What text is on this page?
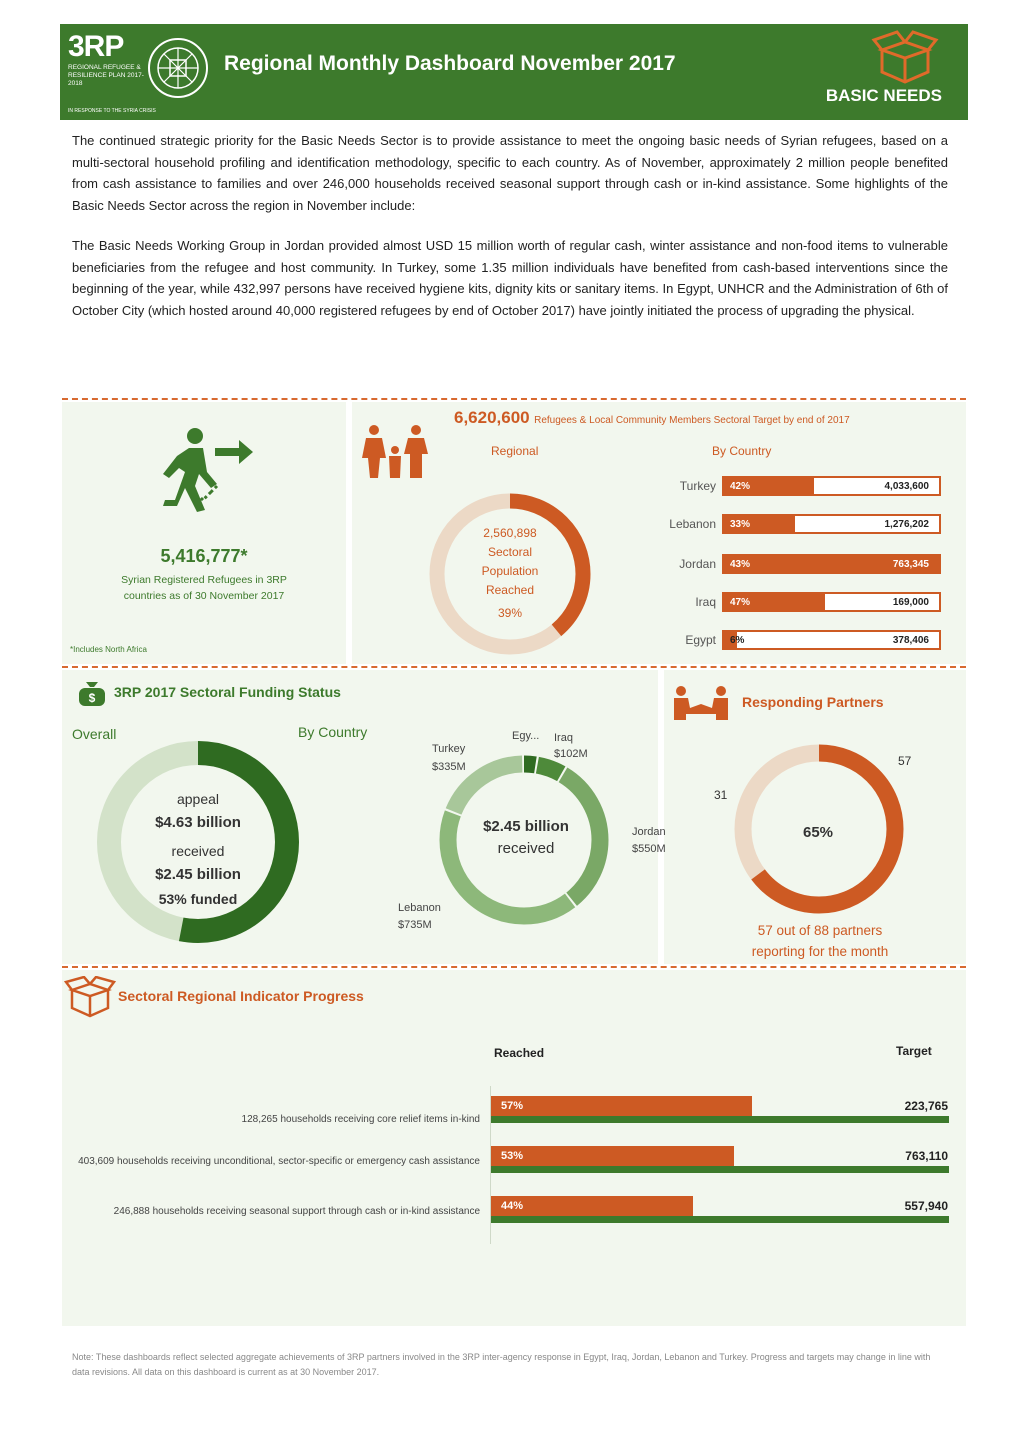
3RP
REGIONAL REFUGEE & RESILIENCE PLAN 2017-2018
IN RESPONSE TO THE SYRIA CRISIS
Regional Monthly Dashboard November 2017
BASIC NEEDS

The continued strategic priority for the Basic Needs Sector is to provide assistance to meet the ongoing basic needs of Syrian refugees, based on a multi-sectoral household profiling and identification methodology, specific to each country. As of November, approximately 2 million people benefited from cash assistance to families and over 246,000 households received seasonal support through cash or in-kind assistance. Some highlights of the Basic Needs Sector across the region in November include:

The Basic Needs Working Group in Jordan provided almost USD 15 million worth of regular cash, winter assistance and non-food items to vulnerable beneficiaries from the refugee and host community. In Turkey, some 1.35 million individuals have benefited from cash-based interventions since the beginning of the year, while 432,997 persons have received hygiene kits, dignity kits or sanitary items. In Egypt, UNHCR and the Administration of 6th of October City (which hosted around 40,000 registered refugees by end of October 2017) have jointly initiated the process of upgrading the physical.

5,416,777*
Syrian Registered Refugees in 3RP countries as of 30 November 2017
*Includes North Africa
6,620,600 Refugees & Local Community Members Sectoral Target by end of 2017
Regional	By Country
2,560,898
Sectoral Population Reached
39%
Turkey 42%	4,033,600
Lebanon 33%	1,276,202
Jordan 43%	763,345
Iraq 47%	169,000
Egypt 6%	378,406
$ 3RP 2017 Sectoral Funding Status
Overall	By Country
appeal
$4.63 billion
received
$2.45 billion
53% funded
$2.45 billion
received
Egy... Iraq
$102M
Turkey
$335M
Jordan
$550M
Lebanon
$735M
Responding Partners
65%
57
31
57 out of 88 partners
reporting for the month
Sectoral Regional Indicator Progress
Reached	Target
128,265 households receiving core relief items in-kind
57%	223,765
403,609 households receiving unconditional, sector-specific or emergency cash assistance 53%	763,110
246,888 households receiving seasonal support through cash or in-kind assistance 44%	557,940
Note: These dashboards reflect selected aggregate achievements of 3RP partners involved in the 3RP inter-agency response in Egypt, Iraq, Jordan, Lebanon and Turkey. Progress and targets may change in line with data revisions. All data on this dashboard is current as at 30 November 2017.
